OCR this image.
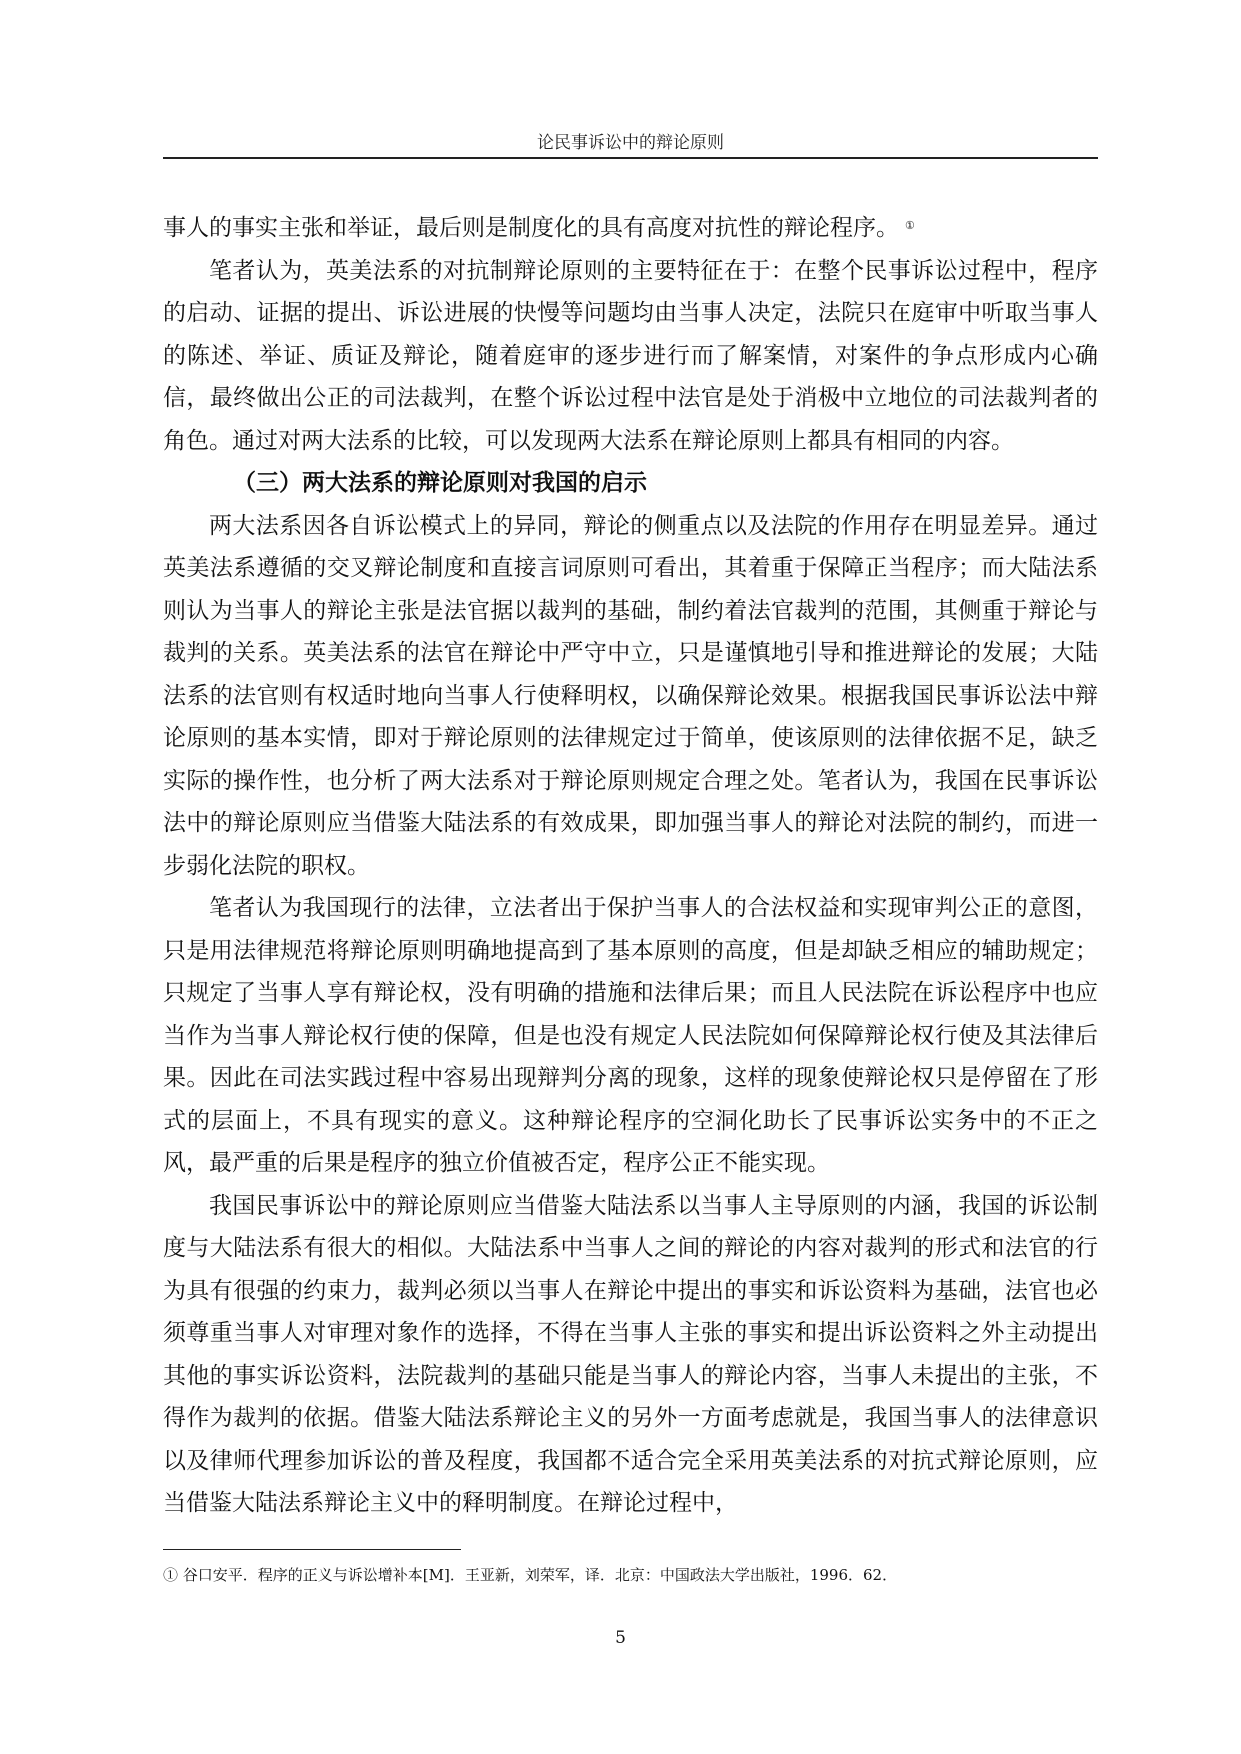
论民事诉讼中的辩论原则

事人的事实主张和举证，最后则是制度化的具有高度对抗性的辩论程序。 ①

笔者认为，英美法系的对抗制辩论原则的主要特征在于：在整个民事诉讼过程中，程序的启动、证据的提出、诉讼进展的快慢等问题均由当事人决定，法院只在庭审中听取当事人的陈述、举证、质证及辩论，随着庭审的逐步进行而了解案情，对案件的争点形成内心确信，最终做出公正的司法裁判，在整个诉讼过程中法官是处于消极中立地位的司法裁判者的角色。通过对两大法系的比较，可以发现两大法系在辩论原则上都具有相同的内容。

（三）两大法系的辩论原则对我国的启示

两大法系因各自诉讼模式上的异同，辩论的侧重点以及法院的作用存在明显差异。通过英美法系遵循的交叉辩论制度和直接言词原则可看出，其着重于保障正当程序；而大陆法系则认为当事人的辩论主张是法官据以裁判的基础，制约着法官裁判的范围，其侧重于辩论与裁判的关系。英美法系的法官在辩论中严守中立，只是谨慎地引导和推进辩论的发展；大陆法系的法官则有权适时地向当事人行使释明权，以确保辩论效果。根据我国民事诉讼法中辩论原则的基本实情，即对于辩论原则的法律规定过于简单，使该原则的法律依据不足，缺乏实际的操作性，也分析了两大法系对于辩论原则规定合理之处。笔者认为，我国在民事诉讼法中的辩论原则应当借鉴大陆法系的有效成果，即加强当事人的辩论对法院的制约，而进一步弱化法院的职权。

笔者认为我国现行的法律，立法者出于保护当事人的合法权益和实现审判公正的意图，只是用法律规范将辩论原则明确地提高到了基本原则的高度，但是却缺乏相应的辅助规定；只规定了当事人享有辩论权，没有明确的措施和法律后果；而且人民法院在诉讼程序中也应当作为当事人辩论权行使的保障，但是也没有规定人民法院如何保障辩论权行使及其法律后果。因此在司法实践过程中容易出现辩判分离的现象，这样的现象使辩论权只是停留在了形式的层面上，不具有现实的意义。这种辩论程序的空洞化助长了民事诉讼实务中的不正之风，最严重的后果是程序的独立价值被否定，程序公正不能实现。

我国民事诉讼中的辩论原则应当借鉴大陆法系以当事人主导原则的内涵，我国的诉讼制度与大陆法系有很大的相似。大陆法系中当事人之间的辩论的内容对裁判的形式和法官的行为具有很强的约束力，裁判必须以当事人在辩论中提出的事实和诉讼资料为基础，法官也必须尊重当事人对审理对象作的选择，不得在当事人主张的事实和提出诉讼资料之外主动提出其他的事实诉讼资料，法院裁判的基础只能是当事人的辩论内容，当事人未提出的主张，不得作为裁判的依据。借鉴大陆法系辩论主义的另外一方面考虑就是，我国当事人的法律意识以及律师代理参加诉讼的普及程度，我国都不适合完全采用英美法系的对抗式辩论原则，应当借鉴大陆法系辩论主义中的释明制度。在辩论过程中，

① 谷口安平．程序的正义与诉讼增补本[M]．王亚新，刘荣军，译．北京：中国政法大学出版社，1996．62．
5
